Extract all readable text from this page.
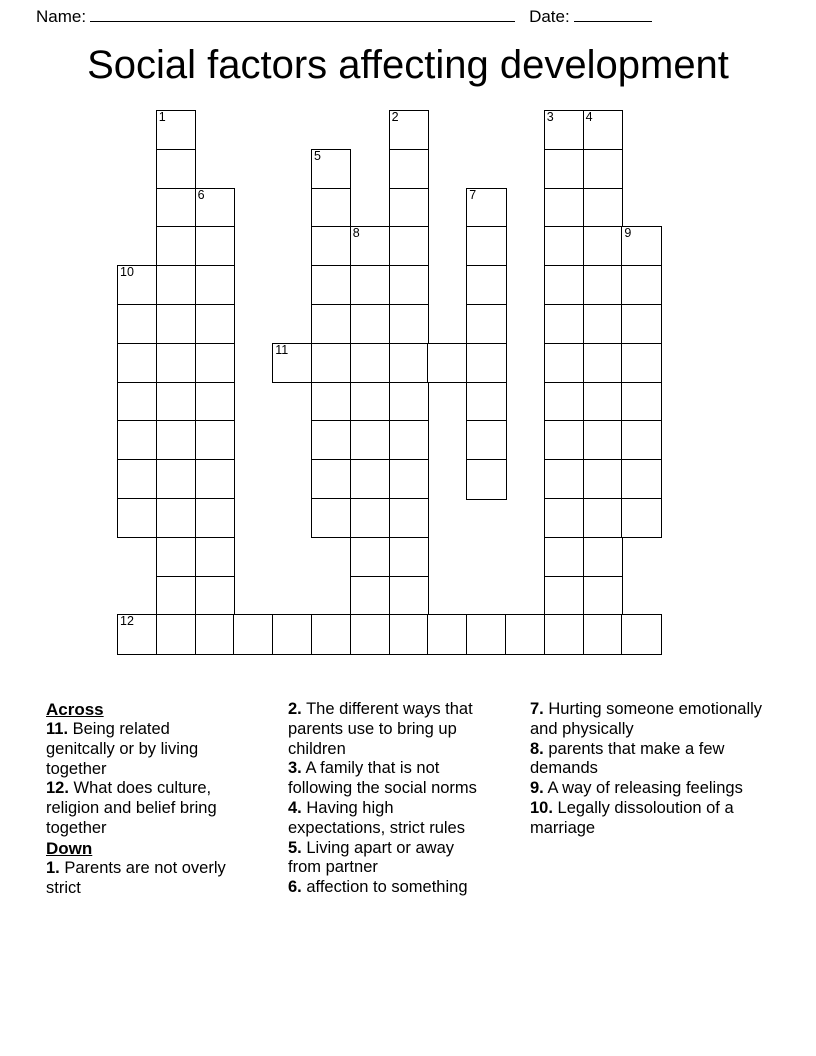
Name:	Date:
Social factors affecting development
1	2	3	4
5
6	7
8	9
10
11
12
Across

11. Being related genitcally or by living together

12. What does culture, religion and belief bring together

Down

1. Parents are not overly strict

2. The different ways that parents use to bring up children

3. A family that is not following the social norms

4. Having high expectations, strict rules

5. Living apart or away from partner

6. affection to something

7. Hurting someone emotionally and physically

8. parents that make a few demands

9. A way of releasing feelings

10. Legally dissoloution of a marriage
